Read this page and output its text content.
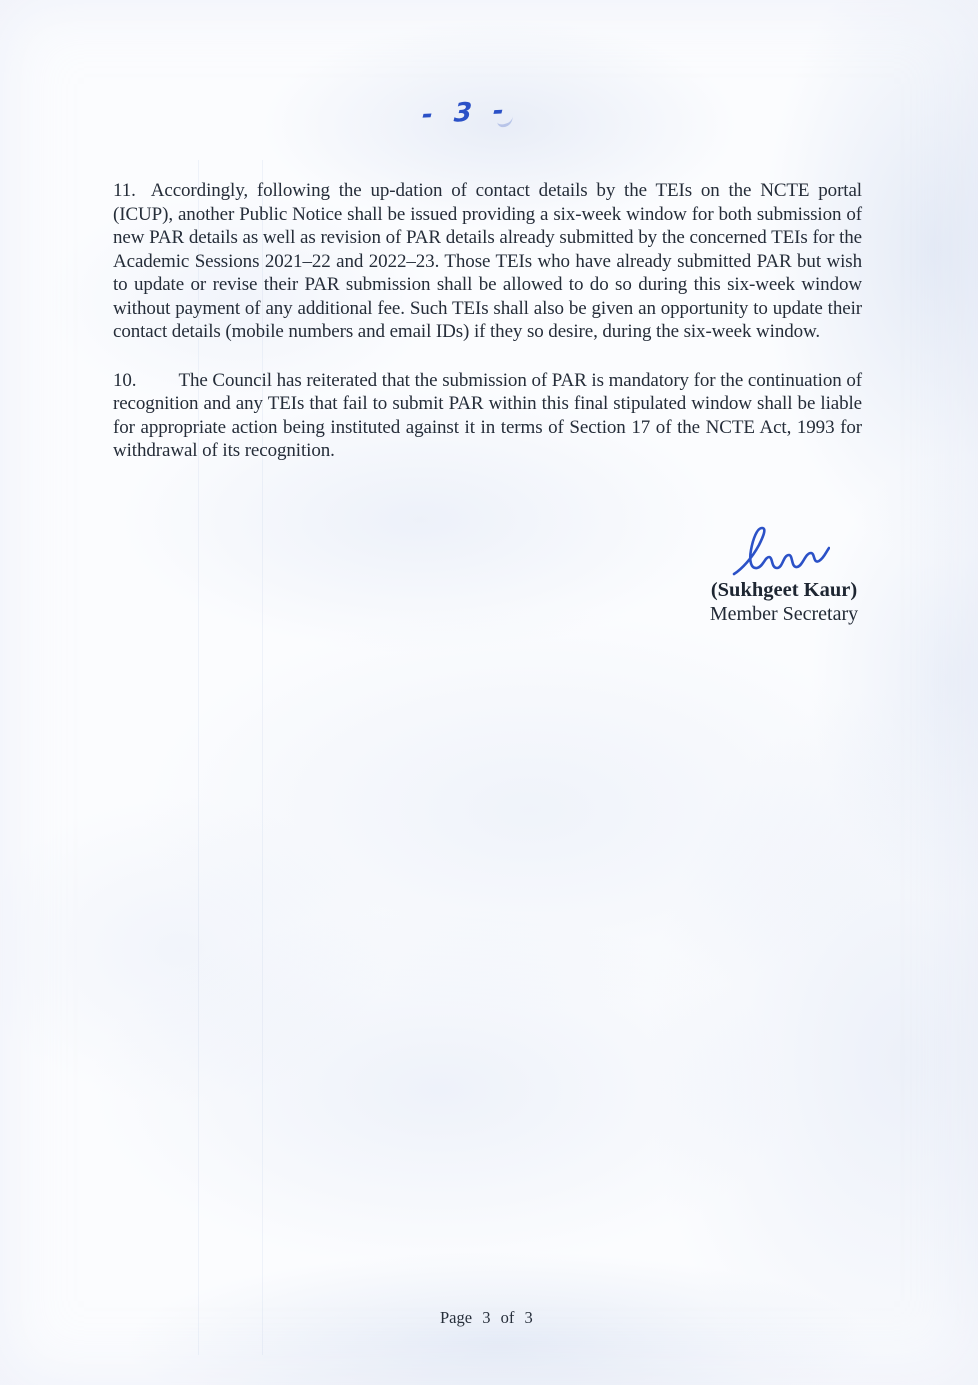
- 3 -

11. Accordingly, following the up-dation of contact details by the TEIs on the NCTE portal (ICUP), another Public Notice shall be issued providing a six-week window for both submission of new PAR details as well as revision of PAR details already submitted by the concerned TEIs for the Academic Sessions 2021–22 and 2022–23. Those TEIs who have already submitted PAR but wish to update or revise their PAR submission shall be allowed to do so during this six-week window without payment of any additional fee. Such TEIs shall also be given an opportunity to update their contact details (mobile numbers and email IDs) if they so desire, during the six-week window.

10. The Council has reiterated that the submission of PAR is mandatory for the continuation of recognition and any TEIs that fail to submit PAR within this final stipulated window shall be liable for appropriate action being instituted against it in terms of Section 17 of the NCTE Act, 1993 for withdrawal of its recognition.

(Sukhgeet Kaur)
Member Secretary
Page 3 of 3
